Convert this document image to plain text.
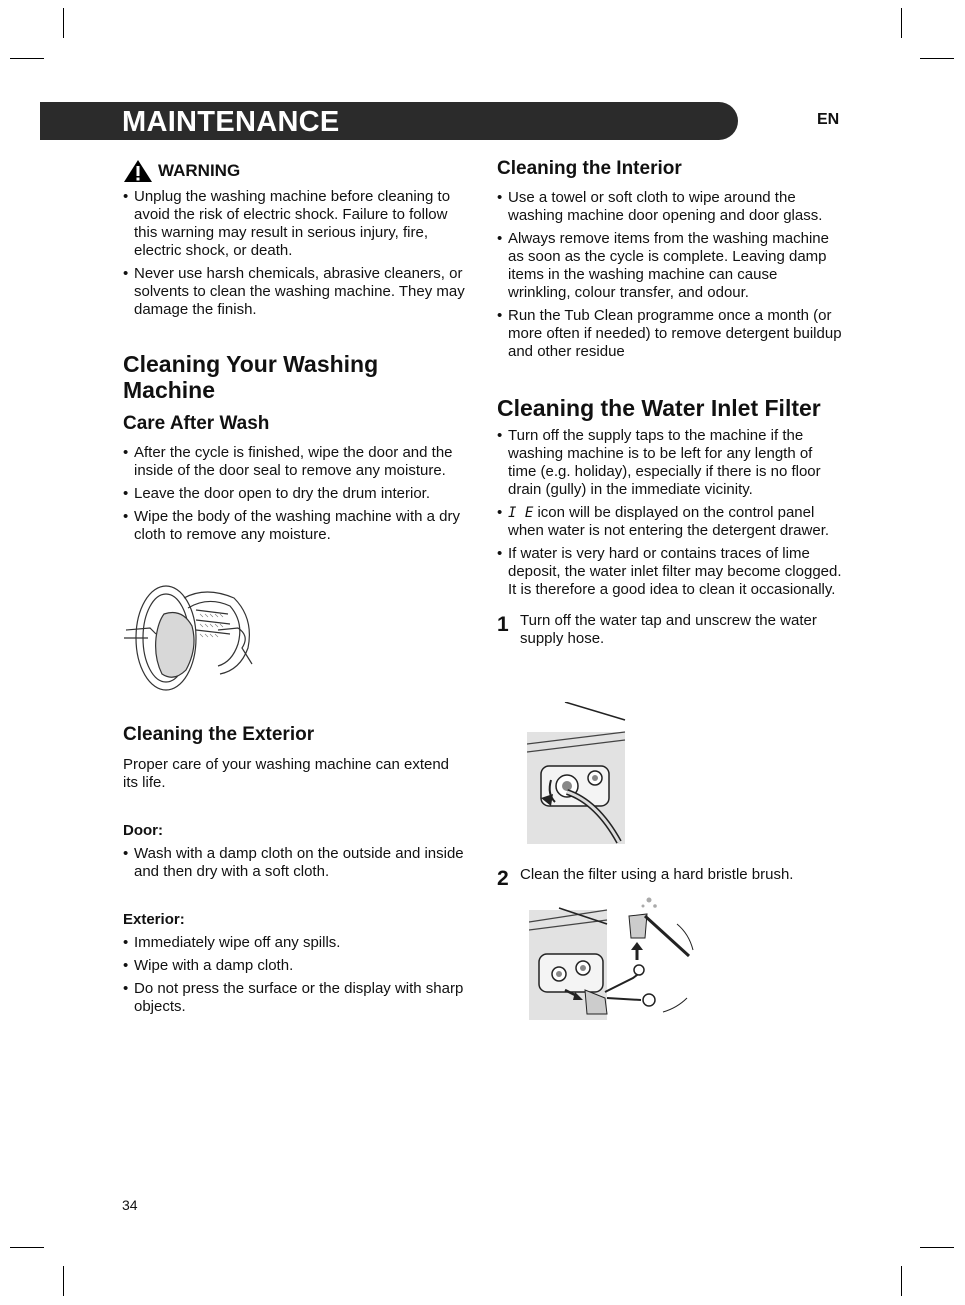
MAINTENANCE	EN
WARNING
• Unplug the washing machine before cleaning to avoid the risk of electric shock. Failure to follow this warning may result in serious injury, fire, electric shock, or death.
• Never use harsh chemicals, abrasive cleaners, or solvents to clean the washing machine. They may damage the finish.
Cleaning Your Washing
Machine
Care After Wash
• After the cycle is finished, wipe the door and the inside of the door seal to remove any moisture.
• Leave the door open to dry the drum interior.
• Wipe the body of the washing machine with a dry cloth to remove any moisture.
Cleaning the Exterior

Proper care of your washing machine can extend its life.

Door:
• Wash with a damp cloth on the outside and inside and then dry with a soft cloth.
Exterior:
• Immediately wipe off any spills.
• Wipe with a damp cloth.
• Do not press the surface or the display with sharp objects.
Cleaning the Interior
• Use a towel or soft cloth to wipe around the washing machine door opening and door glass.
• Always remove items from the washing machine as soon as the cycle is complete. Leaving damp items in the washing machine can cause wrinkling, colour transfer, and odour.
• Run the Tub Clean programme once a month (or more often if needed) to remove detergent buildup and other residue
Cleaning the Water Inlet Filter
• Turn off the supply taps to the machine if the washing machine is to be left for any length of time (e.g. holiday), especially if there is no floor drain (gully) in the immediate vicinity.
• I E icon will be displayed on the control panel when water is not entering the detergent drawer.
• If water is very hard or contains traces of lime deposit, the water inlet filter may become clogged. It is therefore a good idea to clean it occasionally.
1 Turn off the water tap and unscrew the water supply hose.
2 Clean the filter using a hard bristle brush.
34
